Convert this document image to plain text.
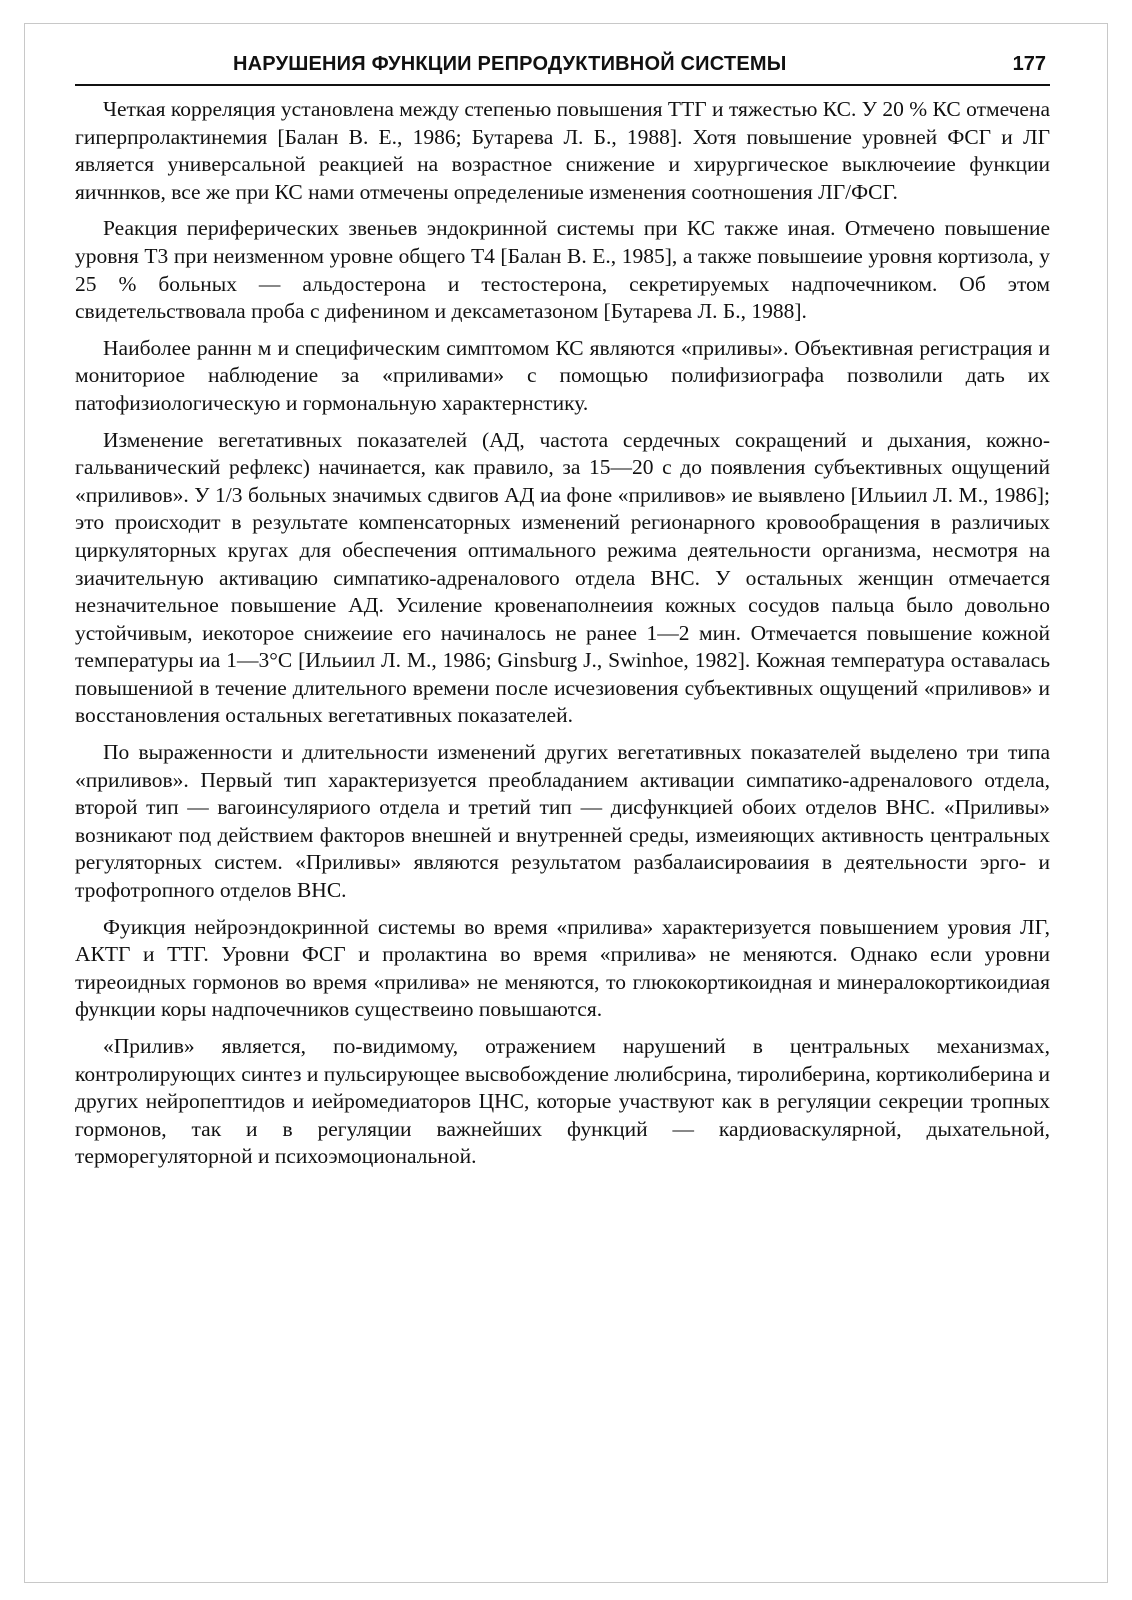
НАРУШЕНИЯ ФУНКЦИИ РЕПРОДУКТИВНОЙ СИСТЕМЫ	177

Четкая корреляция установлена между степенью повышения ТТГ и тяжестью КС. У 20 % КС отмечена гиперпролактинемия [Балан В. Е., 1986; Бутарева Л. Б., 1988]. Хотя повышение уровней ФСГ и ЛГ является универсальной реакцией на возрастное снижение и хирургическое выключеиие функции яичннков, все же при КС нами отмечены определениые изменения соотношения ЛГ/ФСГ.

Реакция периферических звеньев эндокринной системы при КС также иная. Отмечено повышение уровня Т3 при неизменном уровне общего Т4 [Балан В. Е., 1985], а также повышеиие уровня кортизола, у 25 % больных — альдостерона и тестостерона, секретируемых надпочечником. Об этом свидетельствовала проба с дифенином и дексаметазоном [Бутарева Л. Б., 1988].

Наиболее раннн м и специфическим симптомом КС являются «приливы». Объективная регистрация и мониториое наблюдение за «приливами» с помощью полифизиографа позволили дать их патофизиологическую и гормональную характернстику.

Изменение вегетативных показателей (АД, частота сердечных сокращений и дыхания, кожно-гальванический рефлекс) начинается, как правило, за 15—20 с до появления субъективных ощущений «приливов». У 1/3 больных значимых сдвигов АД иа фоне «приливов» ие выявлено [Ильиил Л. М., 1986]; это происходит в результате компенсаторных изменений регионарного кровообращения в различиых циркуляторных кругах для обеспечения оптимального режима деятельности организма, несмотря на зиачительную активацию симпатико-адреналового отдела ВНС. У остальных женщин отмечается незначительное повышение АД. Усиление кровенаполнеиия кожных сосудов пальца было довольно устойчивым, иекоторое снижеиие его начиналось не ранее 1—2 мин. Отмечается повышение кожной температуры иа 1—3°С [Ильиил Л. М., 1986; Ginsburg J., Swinhoe, 1982]. Кожная температура оставалась повышениой в течение длительного времени после исчезиовения субъективных ощущений «приливов» и восстановления остальных вегетативных показателей.

По выраженности и длительности изменений других вегетативных показателей выделено три типа «приливов». Первый тип характеризуется преобладанием активации симпатико-адреналового отдела, второй тип — вагоинсуляриого отдела и третий тип — дисфункцией обоих отделов ВНС. «Приливы» возникают под действием факторов внешней и внутренней среды, измеияющих активность центральных регуляторных систем. «Приливы» являются результатом разбалаисироваиия в деятельности эрго- и трофотропного отделов ВНС.

Фуикция нейроэндокринной системы во время «прилива» характеризуется повышением уровия ЛГ, АКТГ и ТТГ. Уровни ФСГ и пролактина во время «прилива» не меняются. Однако если уровни тиреоидных гормонов во время «прилива» не меняются, то глюкокортикоидная и минералокортикоидиая функции коры надпочечников существеино повышаются.

«Прилив» является, по-видимому, отражением нарушений в центральных механизмах, контролирующих синтез и пульсирующее высвобождение люлибсрина, тиролиберина, кортиколиберина и других нейропептидов и иейромедиаторов ЦНС, которые участвуют как в регуляции секреции тропных гормонов, так и в регуляции важнейших функций — кардиоваскулярной, дыхательной, терморегуляторной и психоэмоциональной.
